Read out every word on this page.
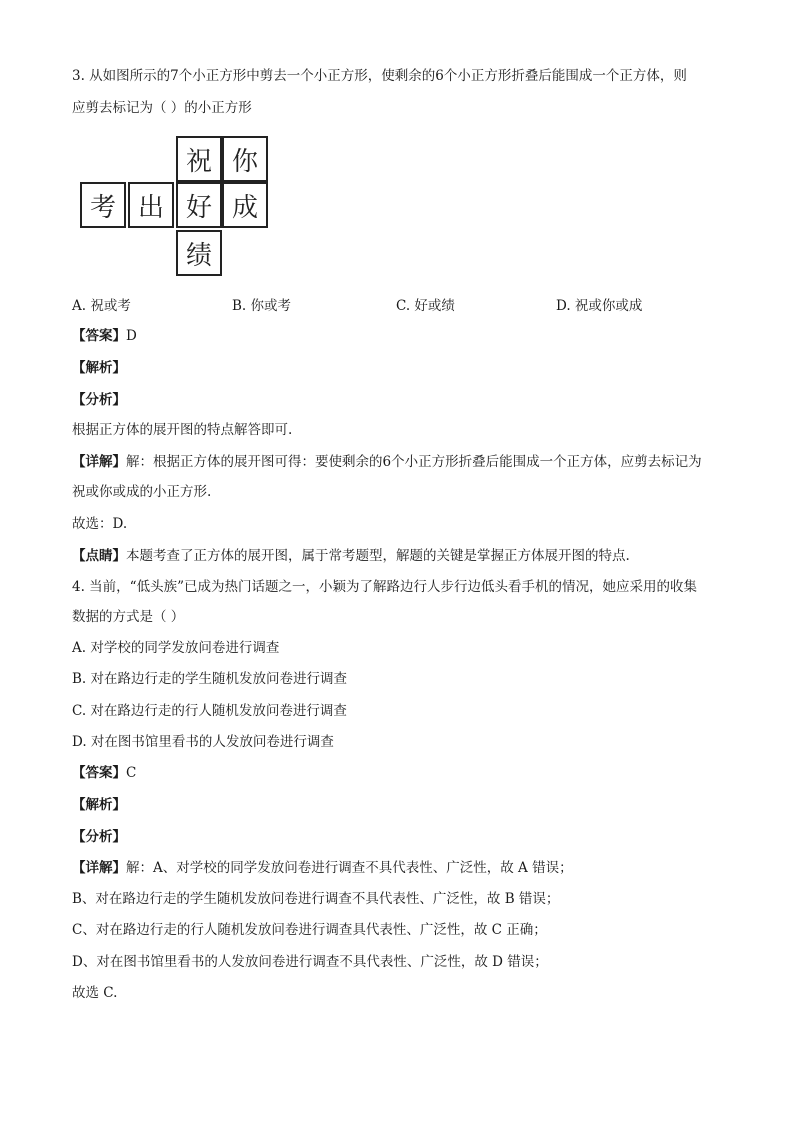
3. 从如图所示的7个小正方形中剪去一个小正方形，使剩余的6个小正方形折叠后能围成一个正方体，则
应剪去标记为（ ）的小正方形
祝 你
考 出 好 成
绩
A. 祝或考	B. 你或考	C. 好或绩	D. 祝或你或成
【答案】D
【解析】
【分析】
根据正方体的展开图的特点解答即可.
【详解】解：根据正方体的展开图可得：要使剩余的6个小正方形折叠后能围成一个正方体，应剪去标记为
祝或你或成的小正方形.
故选：D.
【点睛】本题考查了正方体的展开图，属于常考题型，解题的关键是掌握正方体展开图的特点.
4. 当前，“低头族”已成为热门话题之一，小颖为了解路边行人步行边低头看手机的情况，她应采用的收集
数据的方式是（ ）
A. 对学校的同学发放问卷进行调查
B. 对在路边行走的学生随机发放问卷进行调查
C. 对在路边行走的行人随机发放问卷进行调查
D. 对在图书馆里看书的人发放问卷进行调查
【答案】C
【解析】
【分析】
【详解】解：A、对学校的同学发放问卷进行调查不具代表性、广泛性，故 A 错误；
B、对在路边行走的学生随机发放问卷进行调查不具代表性、广泛性，故 B 错误；
C、对在路边行走的行人随机发放问卷进行调查具代表性、广泛性，故 C 正确；
D、对在图书馆里看书的人发放问卷进行调查不具代表性、广泛性，故 D 错误；
故选 C.
